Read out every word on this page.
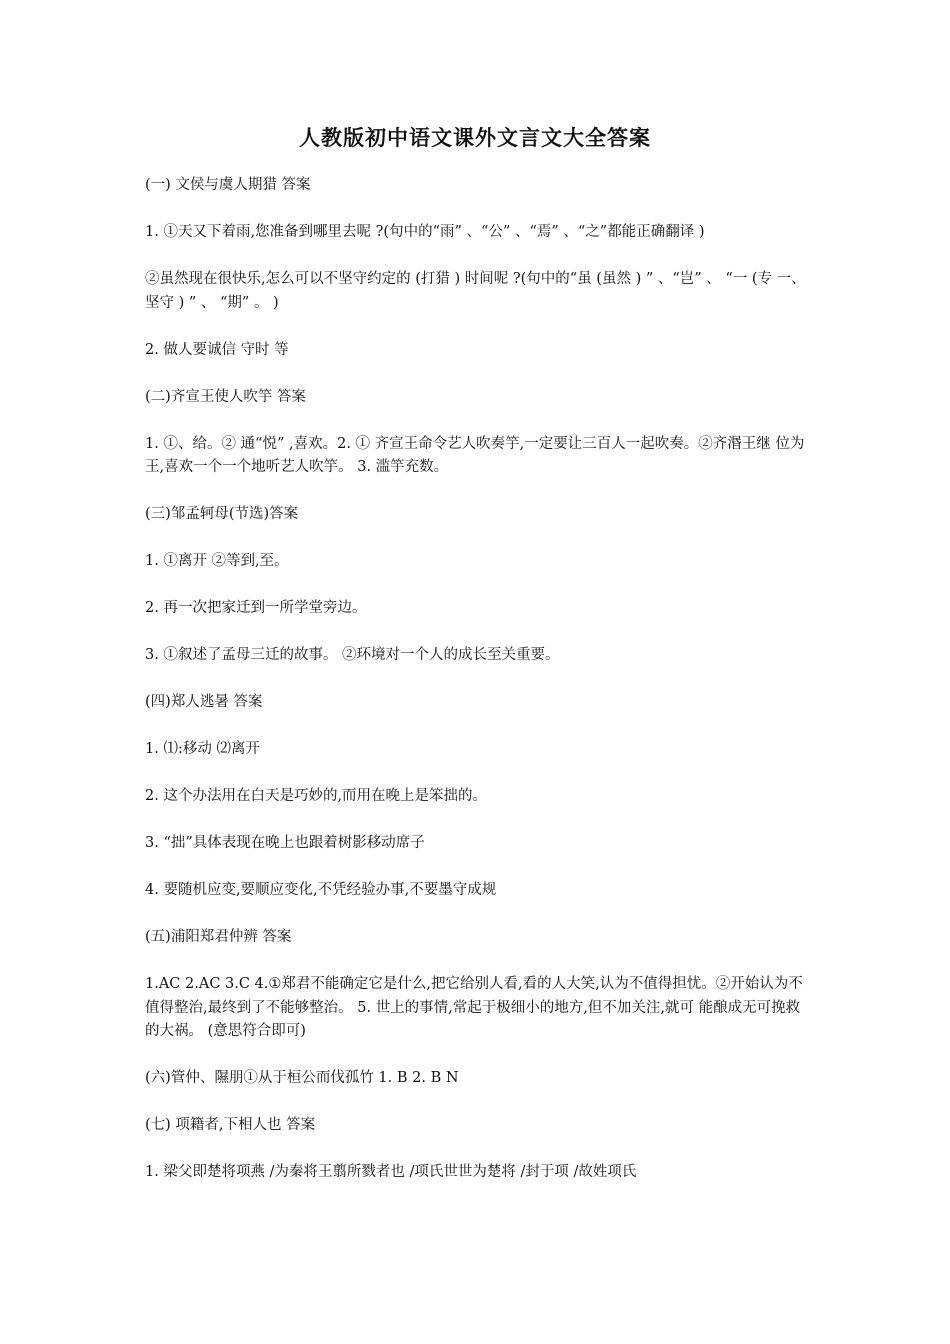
人教版初中语文课外文言文大全答案

(一) 文侯与虞人期猎 答案

1. ①天又下着雨,您准备到哪里去呢 ?(句中的“雨” 、“公” 、“焉” 、“之”都能正确翻译 )

②虽然现在很快乐,怎么可以不坚守约定的 (打猎 ) 时间呢 ?(句中的“虽 (虽然 ) ” 、“岂” 、 “一 (专 一、坚守 ) ” 、 “期” 。 )

2. 做人要诚信 守时 等

(二)齐宣王使人吹竽 答案

1. ①、给。② 通“悦” ,喜欢。2. ① 齐宣王命令艺人吹奏竽,一定要让三百人一起吹奏。②齐湣王继 位为王,喜欢一个一个地听艺人吹竽。 3. 滥竽充数。

(三)邹孟轲母(节选)答案

1. ①离开 ②等到,至。

2. 再一次把家迁到一所学堂旁边。

3. ①叙述了孟母三迁的故事。 ②环境对一个人的成长至关重要。

(四)郑人逃暑 答案

1. ⑴:移动 ⑵离开

2. 这个办法用在白天是巧妙的,而用在晚上是笨拙的。

3. “拙”具体表现在晚上也跟着树影移动席子

4. 要随机应变,要顺应变化,不凭经验办事,不要墨守成规

(五)浦阳郑君仲辨 答案

1.AC 2.AC 3.C 4.①郑君不能确定它是什么,把它给别人看,看的人大笑,认为不值得担忧。②开始认为不值得整治,最终到了不能够整治。 5. 世上的事情,常起于极细小的地方,但不加关注,就可 能酿成无可挽救的大祸。 (意思符合即可)

(六)管仲、隰朋①从于桓公而伐孤竹 1. B 2. B N

(七) 项籍者,下相人也 答案

1. 梁父即楚将项燕 /为秦将王翦所戮者也 /项氏世世为楚将 /封于项 /故姓项氏
